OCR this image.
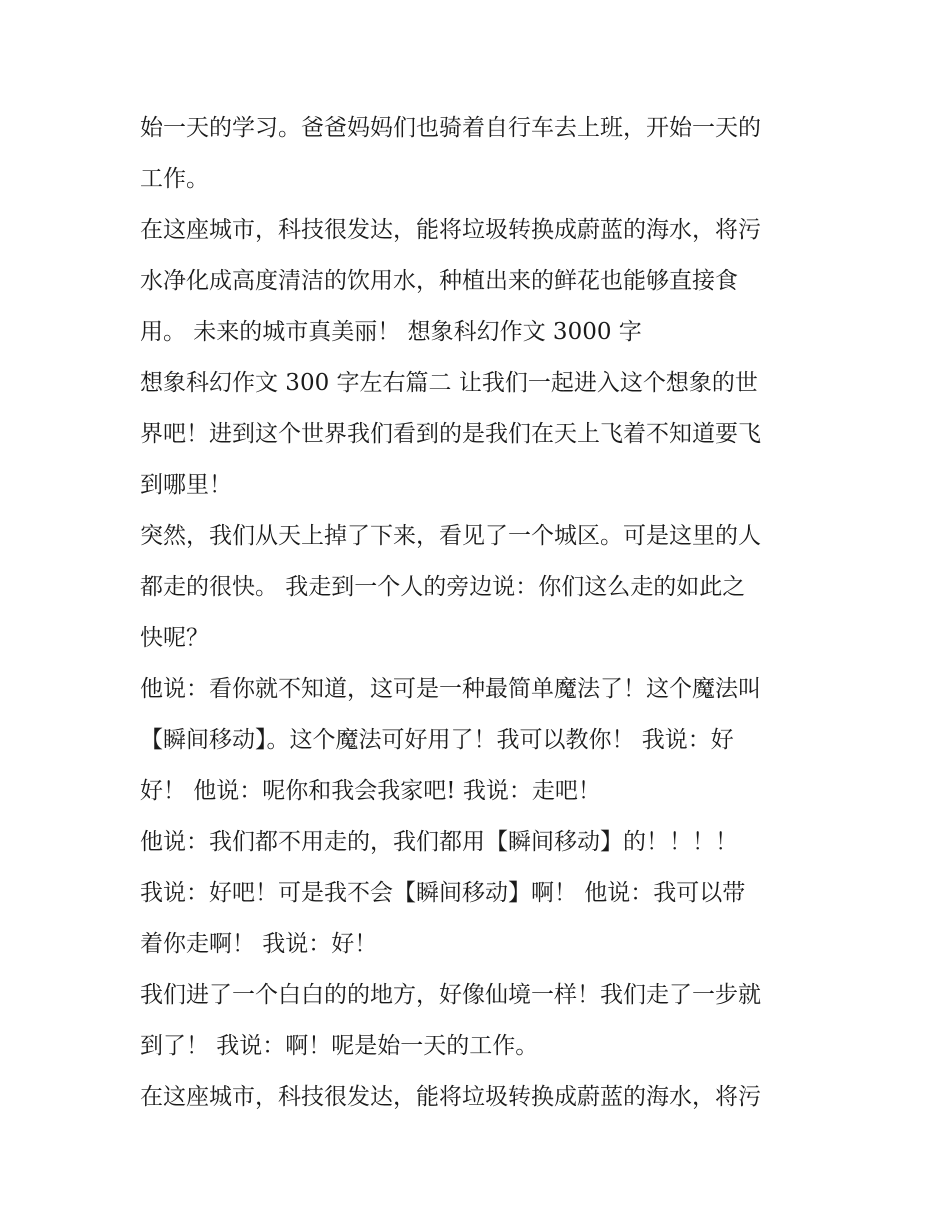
始一天的学习。爸爸妈妈们也骑着自行车去上班，开始一天的
工作。
在这座城市，科技很发达，能将垃圾转换成蔚蓝的海水，将污
水净化成高度清洁的饮用水，种植出来的鲜花也能够直接食
用。 未来的城市真美丽！ 想象科幻作文 3000 字
想象科幻作文 300 字左右篇二 让我们一起进入这个想象的世
界吧！进到这个世界我们看到的是我们在天上飞着不知道要飞
到哪里！
突然，我们从天上掉了下来，看见了一个城区。可是这里的人
都走的很快。 我走到一个人的旁边说：你们这么走的如此之
快呢？
他说：看你就不知道，这可是一种最简单魔法了！这个魔法叫
【瞬间移动】。这个魔法可好用了！我可以教你！ 我说：好
好！ 他说：呢你和我会我家吧! 我说：走吧！
他说：我们都不用走的，我们都用【瞬间移动】的！！！！
我说：好吧！可是我不会【瞬间移动】啊！ 他说：我可以带
着你走啊！ 我说：好！
我们进了一个白白的的地方，好像仙境一样！我们走了一步就
到了！ 我说：啊！呢是始一天的工作。
在这座城市，科技很发达，能将垃圾转换成蔚蓝的海水，将污
